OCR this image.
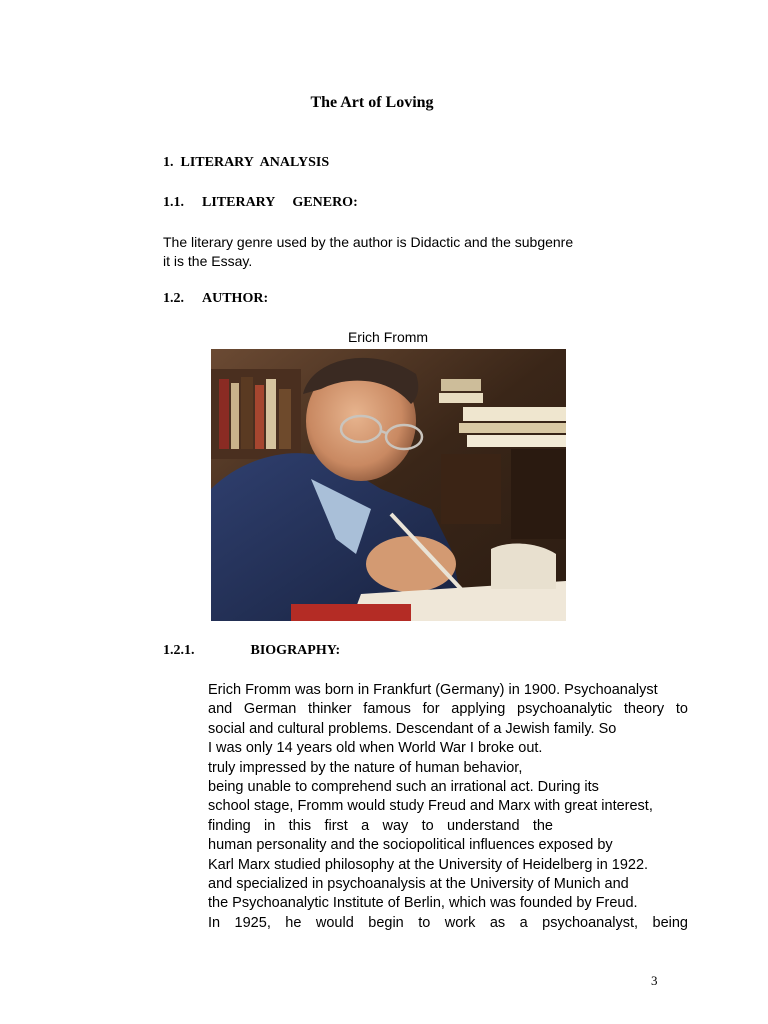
The Art of Loving
1. LITERARY  ANALYSIS
1.1. LITERARY     GENERO:
The literary genre used by the author is Didactic and the subgenre
it is the Essay.
1.2. AUTHOR:
Erich Fromm
1.2.1.	BIOGRAPHY:
Erich Fromm was born in Frankfurt (Germany) in 1900. Psychoanalyst
and German thinker famous for applying psychoanalytic theory to
social and cultural problems. Descendant of a Jewish family. So
I was only 14 years old when World War I broke out.
truly impressed by the nature of human behavior,
being unable to comprehend such an irrational act. During its
school stage, Fromm would study Freud and Marx with great interest,
finding in this first a way to understand the
human personality and the sociopolitical influences exposed by
Karl Marx studied philosophy at the University of Heidelberg in 1922.
and specialized in psychoanalysis at the University of Munich and
the Psychoanalytic Institute of Berlin, which was founded by Freud.
In 1925, he would begin to work as a psychoanalyst, being
3
